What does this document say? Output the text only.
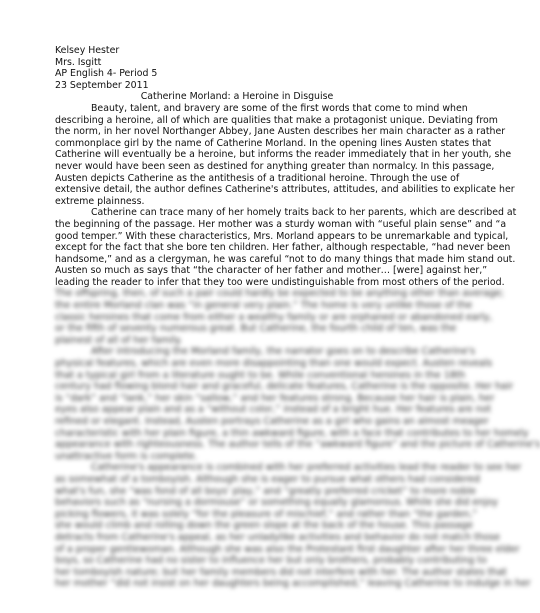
Kelsey Hester
Mrs. Isgitt
AP English 4- Period 5
23 September 2011
Catherine Morland: a Heroine in Disguise
Beauty, talent, and bravery are some of the first words that come to mind when
describing a heroine, all of which are qualities that make a protagonist unique. Deviating from
the norm, in her novel Northanger Abbey, Jane Austen describes her main character as a rather
commonplace girl by the name of Catherine Morland. In the opening lines Austen states that
Catherine will eventually be a heroine, but informs the reader immediately that in her youth, she
never would have been seen as destined for anything greater than normalcy. In this passage,
Austen depicts Catherine as the antithesis of a traditional heroine. Through the use of
extensive detail, the author defines Catherine's attributes, attitudes, and abilities to explicate her
extreme plainness.
Catherine can trace many of her homely traits back to her parents, which are described at
the beginning of the passage. Her mother was a sturdy woman with “useful plain sense” and “a
good temper.” With these characteristics, Mrs. Morland appears to be unremarkable and typical,
except for the fact that she bore ten children. Her father, although respectable, “had never been
handsome,” and as a clergyman, he was careful “not to do many things that made him stand out.
Austen so much as says that “the character of her father and mother… [were] against her,”
leading the reader to infer that they too were undistinguishable from most others of the period.
The offspring, then, of such a pair could hardly be expected to be anything other than average;
the entire Morland clan was “in general very plain.” The home is very unlike those of the
classic heroines that come from either a wealthy family or are orphaned or abandoned early,
or the fifth of seventy numerous great. But Catherine, the fourth child of ten, was the
plainest of all of her family.
After introducing the Morland family, the narrator goes on to describe Catherine's
physical features, which are even more disappointing than one would expect. Austen reveals
that a typical girl from a literature ought to be. While conventional heroines in the 18th
century had flowing blond hair and graceful, delicate features, Catherine is the opposite. Her hair
is “dark” and “lank,” her skin “sallow,” and her features strong. Because her hair is plain, her
eyes also appear plain and as a “without color,” instead of a bright hue. Her features are not
refined or elegant. Instead, Austen portrays Catherine as a girl who gains an almost meager
characteristic with her plain figure, a thin awkward figure, with a face that contributes to her homely
appearance with righteousness. The author tells of the “awkward figure” and the picture of Catherine's
unattractive form is complete.
Catherine's appearance is combined with her preferred activities lead the reader to see her
as somewhat of a tomboyish. Although she is eager to pursue what others had considered
what's fun, she “was fond of all boys' play,” and “greatly preferred cricket” to more noble
behaviors such as “nursing a dormouse” or something equally glamorous. While she did enjoy
picking flowers, it was solely “for the pleasure of mischief,” and rather than “the garden,”
she would climb and rolling down the green slope at the back of the house. This passage
detracts from Catherine's appeal, as her unladylike activities and behavior do not match those
of a proper gentlewoman. Although she was also the Protestant first daughter after her three elder
boys, so Catherine had no sister to influence her but only brothers, probably contributing to
her tomboyish nature; but her family members did not interfere with her. The author states that
her mother “did not insist on her daughters being accomplished,” leaving Catherine to indulge in her
